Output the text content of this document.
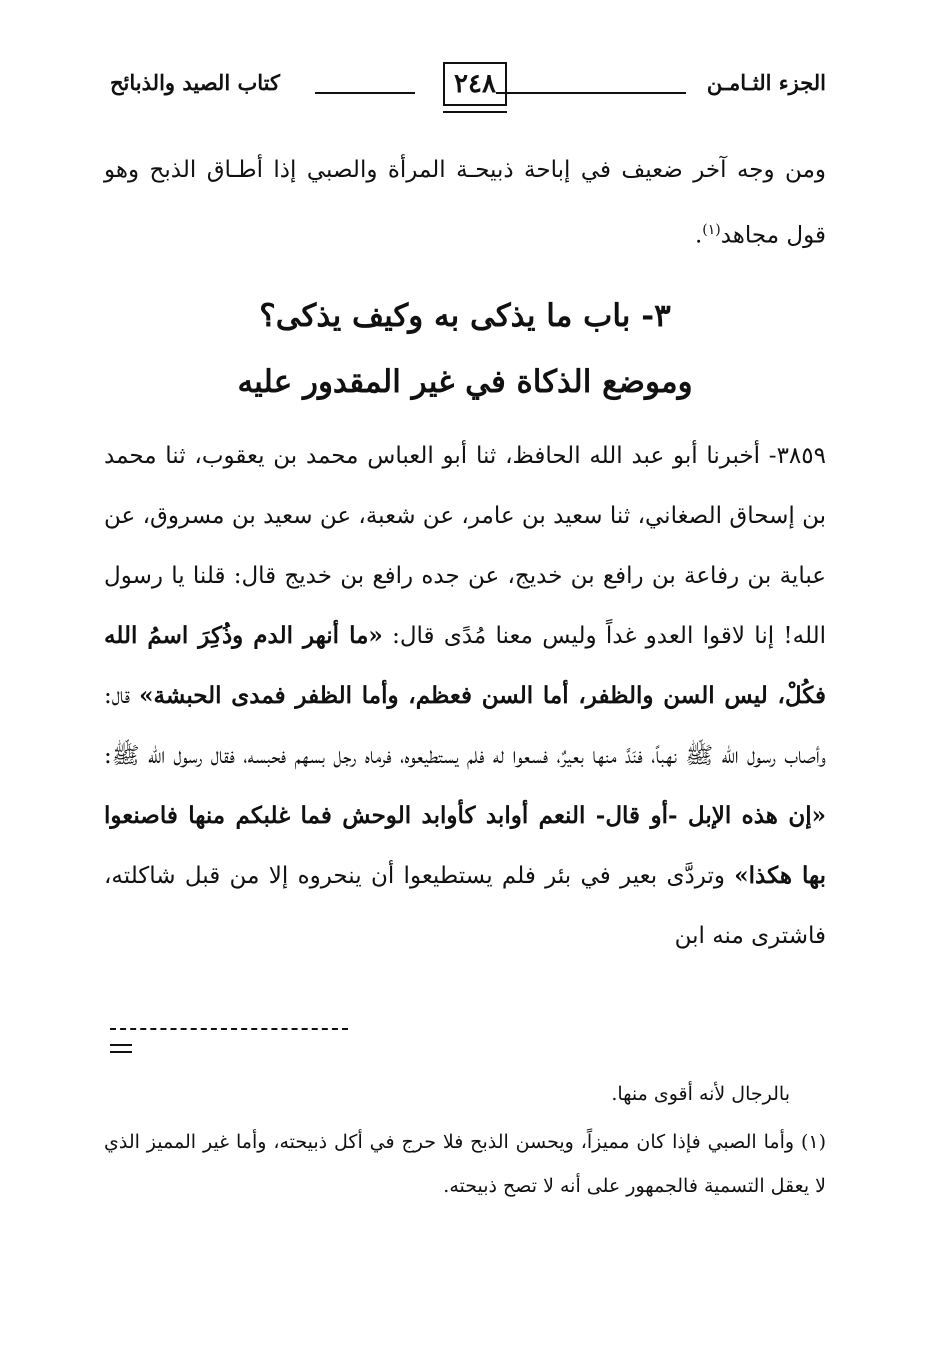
الجزء الثـامـن
٢٤٨
كتاب الصيد والذبائح
ومن وجه آخر ضعيف في إباحة ذبيحـة المرأة والصبي إذا أطـاق الذبح وهو قول مجاهد$^{(١)}$.
٣- باب ما يذكى به وكيف يذكى؟
وموضع الذكاة في غير المقدور عليه
٣٨٥٩- أخبرنا أبو عبد الله الحافظ، ثنا أبو العباس محمد بن يعقوب، ثنا محمد بن إسحاق الصغاني، ثنا سعيد بن عامر، عن شعبة، عن سعيد بن مسروق، عن عباية بن رفاعة بن رافع بن خديج، عن جده رافع بن خديج قال: قلنا يا رسول الله! إنا لاقوا العدو غداً وليس معنا مُدًى قال: «ما أنهر الدم وذُكِرَ اسمُ الله فكُلْ، ليس السن والظفر، أما السن فعظم، وأما الظفر فمدى الحبشة» قال: وأصاب رسول الله ﷺ نهباً، فنَدَّ منها بعيرٌ، فسعوا له فلم يستطيعوه، فرماه رجل بسهم فحبسه، فقال رسول الله ﷺ: «إن هذه الإبل -أو قال- النعم أوابد كأوابد الوحش فما غلبكم منها فاصنعوا بها هكذا» وتردَّى بعير في بئر فلم يستطيعوا أن ينحروه إلا من قبل شاكلته، فاشترى منه ابن
بالرجال لأنه أقوى منها.
(١) وأما الصبي فإذا كان مميزاً، ويحسن الذبح فلا حرج في أكل ذبيحته، وأما غير المميز الذي لا يعقل التسمية فالجمهور على أنه لا تصح ذبيحته.
